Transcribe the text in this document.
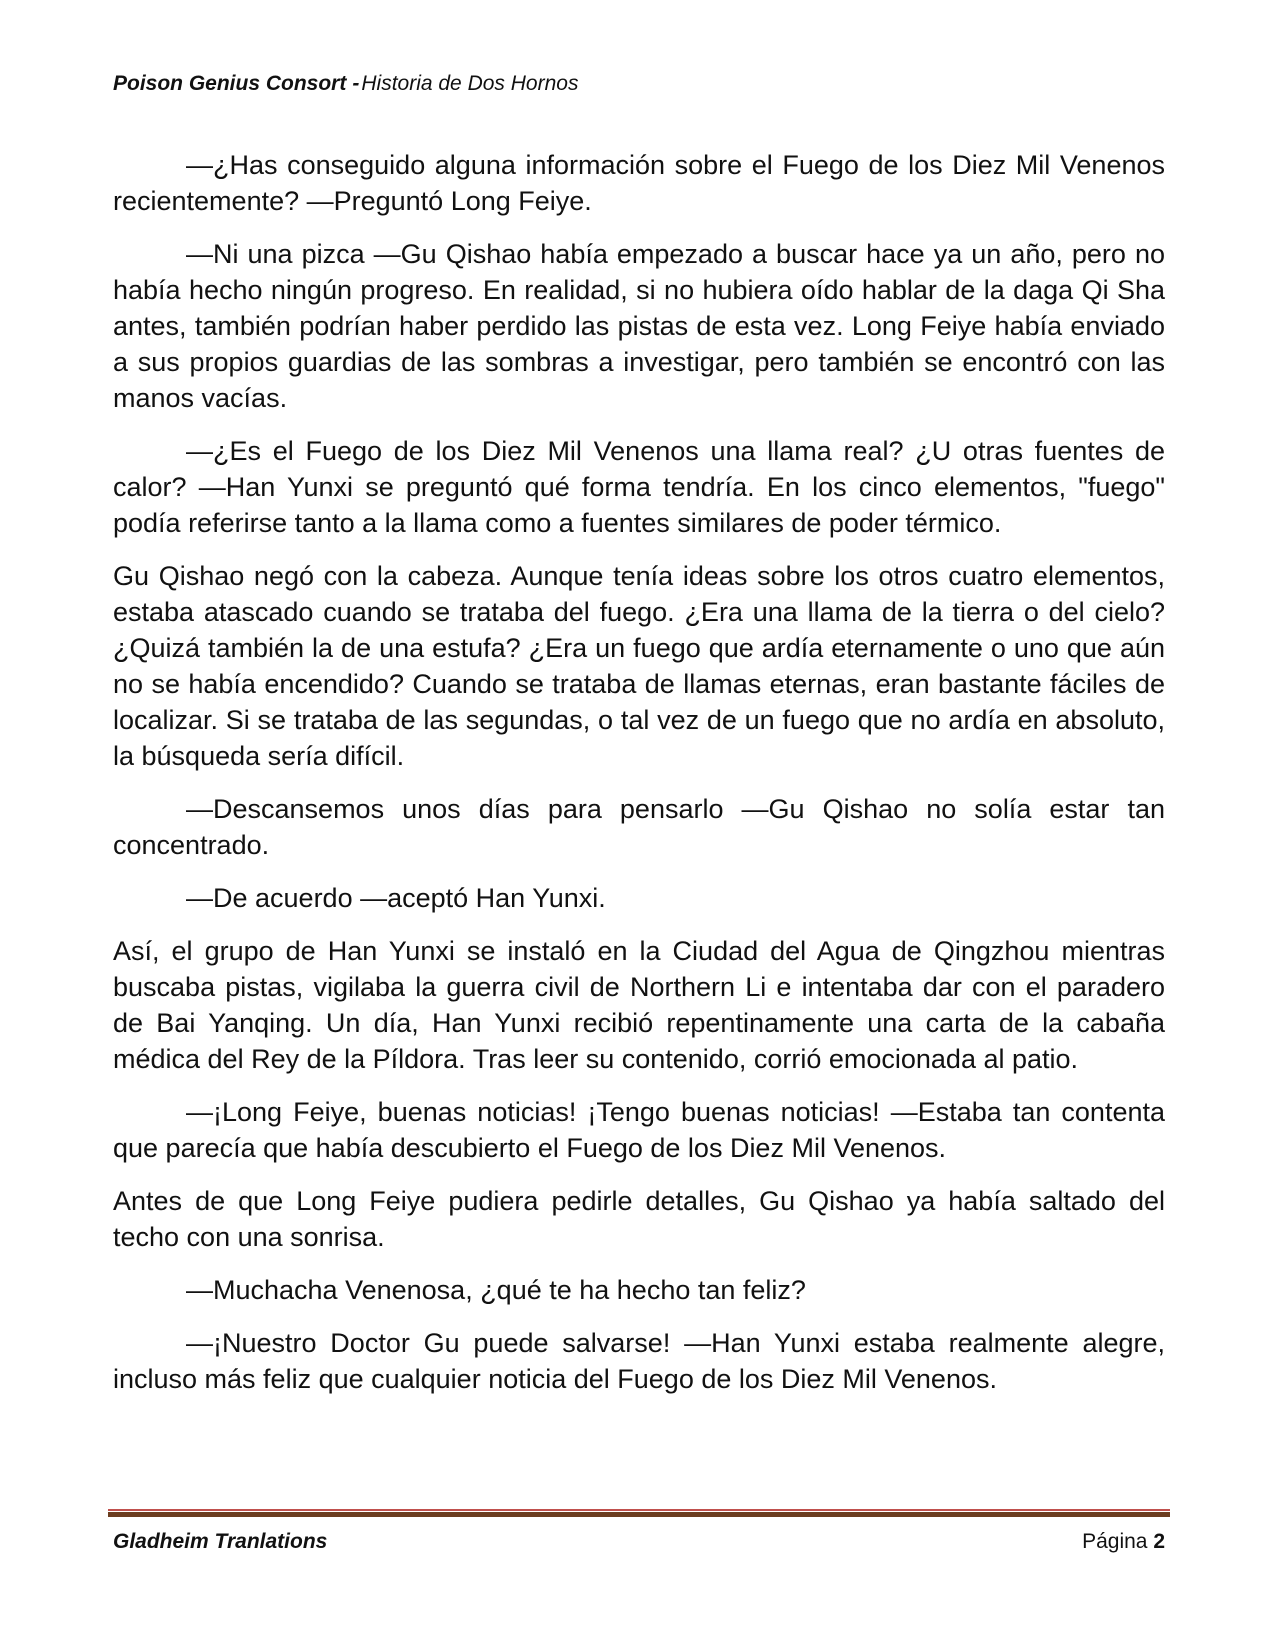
Poison Genius Consort -Historia de Dos Hornos

—¿Has conseguido alguna información sobre el Fuego de los Diez Mil Venenos recientemente? —Preguntó Long Feiye.

—Ni una pizca —Gu Qishao había empezado a buscar hace ya un año, pero no había hecho ningún progreso. En realidad, si no hubiera oído hablar de la daga Qi Sha antes, también podrían haber perdido las pistas de esta vez. Long Feiye había enviado a sus propios guardias de las sombras a investigar, pero también se encontró con las manos vacías.

—¿Es el Fuego de los Diez Mil Venenos una llama real? ¿U otras fuentes de calor? —Han Yunxi se preguntó qué forma tendría. En los cinco elementos, "fuego" podía referirse tanto a la llama como a fuentes similares de poder térmico.

Gu Qishao negó con la cabeza. Aunque tenía ideas sobre los otros cuatro elementos, estaba atascado cuando se trataba del fuego. ¿Era una llama de la tierra o del cielo? ¿Quizá también la de una estufa? ¿Era un fuego que ardía eternamente o uno que aún no se había encendido? Cuando se trataba de llamas eternas, eran bastante fáciles de localizar. Si se trataba de las segundas, o tal vez de un fuego que no ardía en absoluto, la búsqueda sería difícil.

—Descansemos unos días para pensarlo —Gu Qishao no solía estar tan concentrado.

—De acuerdo —aceptó Han Yunxi.

Así, el grupo de Han Yunxi se instaló en la Ciudad del Agua de Qingzhou mientras buscaba pistas, vigilaba la guerra civil de Northern Li e intentaba dar con el paradero de Bai Yanqing. Un día, Han Yunxi recibió repentinamente una carta de la cabaña médica del Rey de la Píldora. Tras leer su contenido, corrió emocionada al patio.

—¡Long Feiye, buenas noticias! ¡Tengo buenas noticias! —Estaba tan contenta que parecía que había descubierto el Fuego de los Diez Mil Venenos.

Antes de que Long Feiye pudiera pedirle detalles, Gu Qishao ya había saltado del techo con una sonrisa.

—Muchacha Venenosa, ¿qué te ha hecho tan feliz?

—¡Nuestro Doctor Gu puede salvarse! —Han Yunxi estaba realmente alegre, incluso más feliz que cualquier noticia del Fuego de los Diez Mil Venenos.

Gladheim Tranlations	Página 2
